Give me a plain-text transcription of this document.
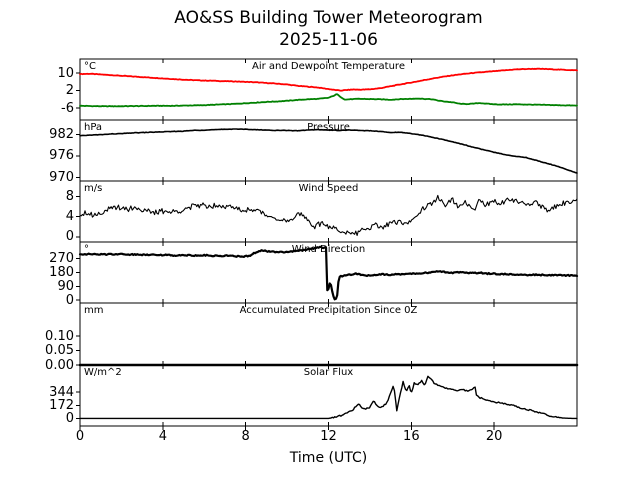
AO&SS Building Tower Meteorogram
2025-11-06
Air and Dewpoint Temperature
°C
Pressure
hPa
Wind Speed
m/s
Wind Direction
°
Accumulated Precipitation Since 0Z
mm
Solar Flux
W/m^2
10
2
-6
982
976
970
8
4
0
270
180
90
0
0.10
0.05
0.00
344
172
0
0	4	8	12	16	20
Time (UTC)
